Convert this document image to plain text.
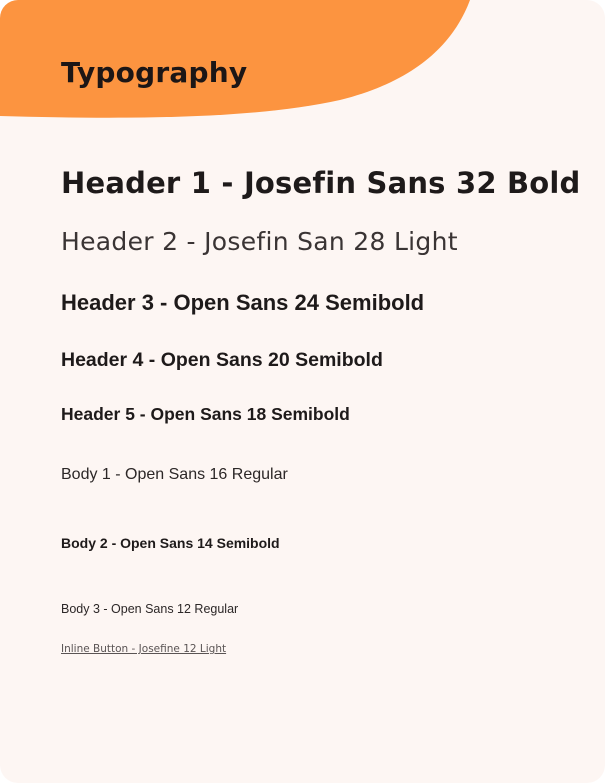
Typography
Header 1 - Josefin Sans 32 Bold
Header 2 - Josefin San 28 Light
Header 3 - Open Sans 24 Semibold
Header 4 - Open Sans 20 Semibold
Header 5 - Open Sans 18 Semibold
Body 1 - Open Sans 16 Regular
Body 2 - Open Sans 14 Semibold
Body 3 - Open Sans 12 Regular
Inline Button - Josefine 12 Light
